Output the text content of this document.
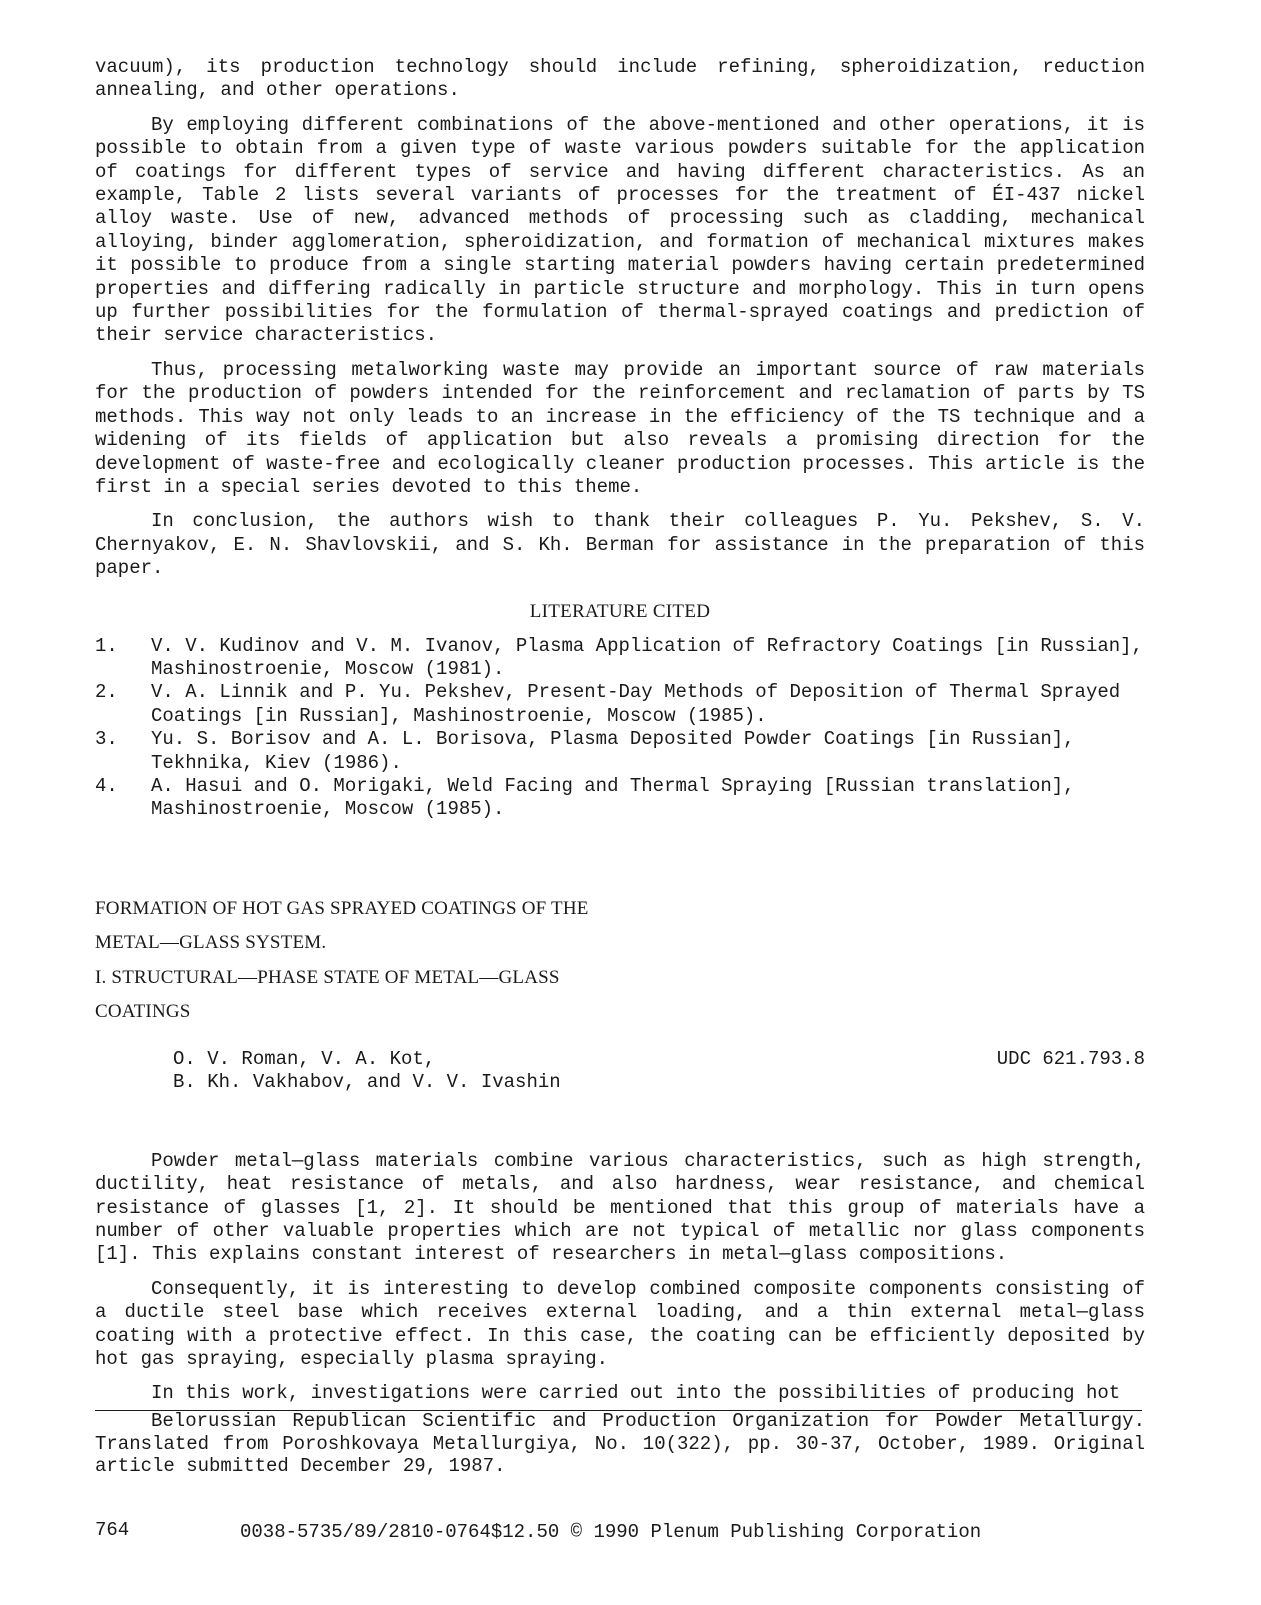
vacuum), its production technology should include refining, spheroidization, reduction annealing, and other operations.

By employing different combinations of the above-mentioned and other operations, it is possible to obtain from a given type of waste various powders suitable for the application of coatings for different types of service and having different characteristics. As an example, Table 2 lists several variants of processes for the treatment of ÉI-437 nickel alloy waste. Use of new, advanced methods of processing such as cladding, mechanical alloying, binder agglomeration, spheroidization, and formation of mechanical mixtures makes it possible to produce from a single starting material powders having certain predetermined properties and differing radically in particle structure and morphology. This in turn opens up further possibilities for the formulation of thermal-sprayed coatings and prediction of their service characteristics.

Thus, processing metalworking waste may provide an important source of raw materials for the production of powders intended for the reinforcement and reclamation of parts by TS methods. This way not only leads to an increase in the efficiency of the TS technique and a widening of its fields of application but also reveals a promising direction for the development of waste-free and ecologically cleaner production processes. This article is the first in a special series devoted to this theme.

In conclusion, the authors wish to thank their colleagues P. Yu. Pekshev, S. V. Chernyakov, E. N. Shavlovskii, and S. Kh. Berman for assistance in the preparation of this paper.

LITERATURE CITED
1. V. V. Kudinov and V. M. Ivanov, Plasma Application of Refractory Coatings [in Russian], Mashinostroenie, Moscow (1981).
2. V. A. Linnik and P. Yu. Pekshev, Present-Day Methods of Deposition of Thermal Sprayed Coatings [in Russian], Mashinostroenie, Moscow (1985).
3. Yu. S. Borisov and A. L. Borisova, Plasma Deposited Powder Coatings [in Russian], Tekhnika, Kiev (1986).
4. A. Hasui and O. Morigaki, Weld Facing and Thermal Spraying [Russian translation], Mashinostroenie, Moscow (1985).
FORMATION OF HOT GAS SPRAYED COATINGS OF THE
METAL—GLASS SYSTEM.
I. STRUCTURAL—PHASE STATE OF METAL—GLASS
COATINGS
O. V. Roman, V. A. Kot,
B. Kh. Vakhabov, and V. V. Ivashin
UDC 621.793.8

Powder metal—glass materials combine various characteristics, such as high strength, ductility, heat resistance of metals, and also hardness, wear resistance, and chemical resistance of glasses [1, 2]. It should be mentioned that this group of materials have a number of other valuable properties which are not typical of metallic nor glass components [1]. This explains constant interest of researchers in metal—glass compositions.

Consequently, it is interesting to develop combined composite components consisting of a ductile steel base which receives external loading, and a thin external metal—glass coating with a protective effect. In this case, the coating can be efficiently deposited by hot gas spraying, especially plasma spraying.

In this work, investigations were carried out into the possibilities of producing hot

Belorussian Republican Scientific and Production Organization for Powder Metallurgy. Translated from Poroshkovaya Metallurgiya, No. 10(322), pp. 30-37, October, 1989. Original article submitted December 29, 1987.
764	0038-5735/89/2810-0764$12.50 © 1990 Plenum Publishing Corporation
